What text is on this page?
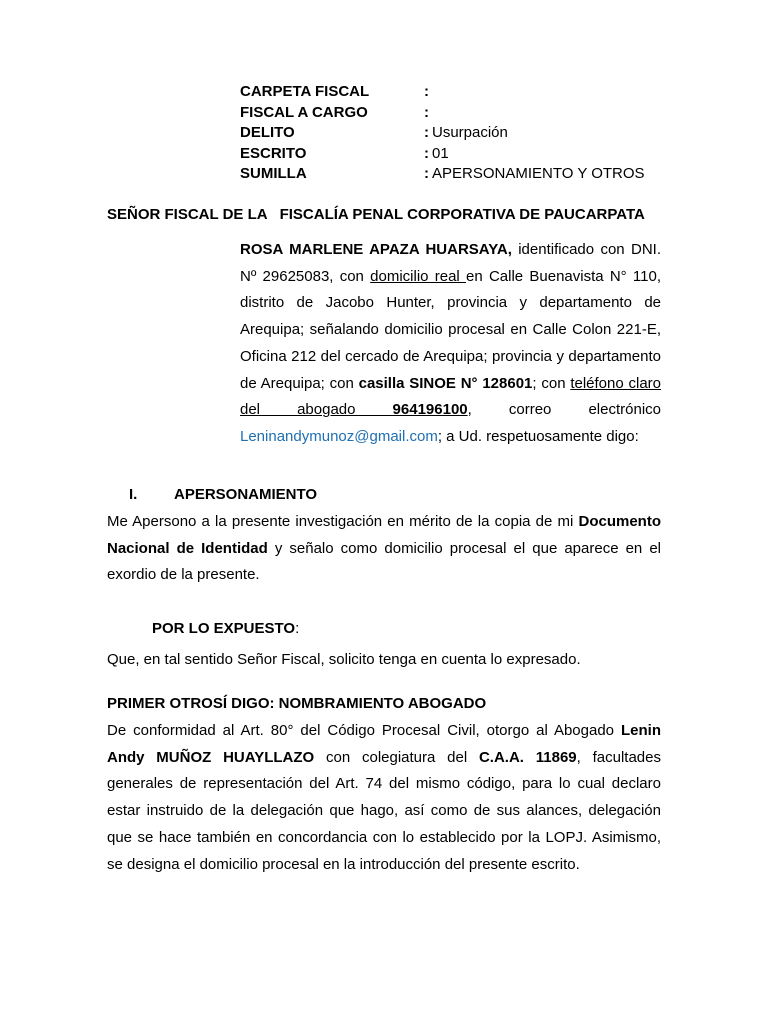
CARPETA FISCAL	:
FISCAL A CARGO	:
DELITO	: Usurpación
ESCRITO	: 01
SUMILLA	: APERSONAMIENTO Y OTROS
SEÑOR FISCAL DE LA FISCALÍA PENAL CORPORATIVA DE PAUCARPATA
ROSA MARLENE APAZA HUARSAYA, identificado con DNI. Nº 29625083, con domicilio real en Calle Buenavista N° 110, distrito de Jacobo Hunter, provincia y departamento de Arequipa; señalando domicilio procesal en Calle Colon 221-E, Oficina 212 del cercado de Arequipa; provincia y departamento de Arequipa; con casilla SINOE N° 128601; con teléfono claro del abogado 964196100, correo electrónico Leninandymunoz@gmail.com; a Ud. respetuosamente digo:
I. APERSONAMIENTO
Me Apersono a la presente investigación en mérito de la copia de mi Documento Nacional de Identidad y señalo como domicilio procesal el que aparece en el exordio de la presente.
POR LO EXPUESTO:
Que, en tal sentido Señor Fiscal, solicito tenga en cuenta lo expresado.
PRIMER OTROSÍ DIGO: NOMBRAMIENTO ABOGADO
De conformidad al Art. 80° del Código Procesal Civil, otorgo al Abogado Lenin Andy MUÑOZ HUAYLLAZO con colegiatura del C.A.A. 11869, facultades generales de representación del Art. 74 del mismo código, para lo cual declaro estar instruido de la delegación que hago, así como de sus alances, delegación que se hace también en concordancia con lo establecido por la LOPJ. Asimismo, se designa el domicilio procesal en la introducción del presente escrito.
